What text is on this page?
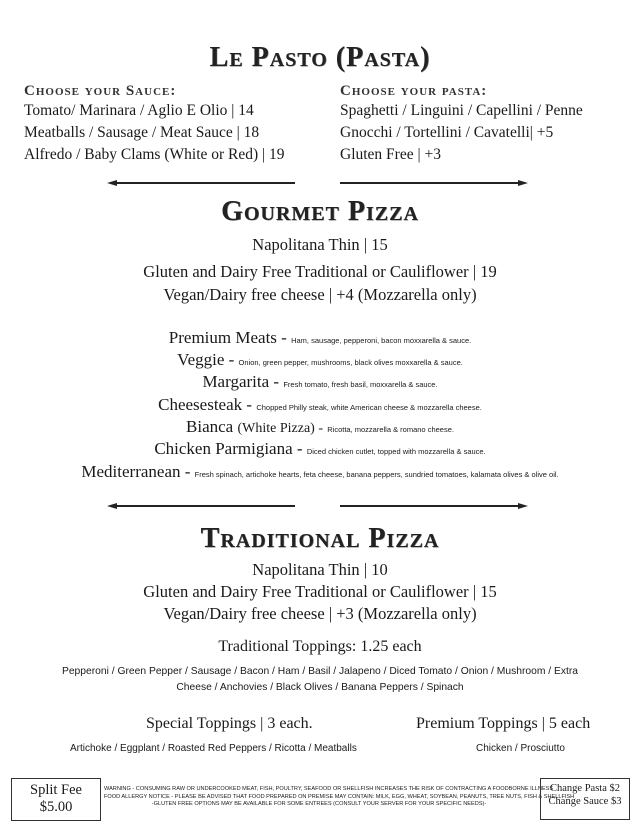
Le Pasto (Pasta)
Choose your Sauce:
Tomato/ Marinara / Aglio E Olio | 14
Meatballs / Sausage / Meat Sauce | 18
Alfredo / Baby Clams (White or Red) | 19
Choose your pasta:
Spaghetti / Linguini / Capellini / Penne
Gnocchi / Tortellini / Cavatelli| +5
Gluten Free | +3
Gourmet Pizza
Napolitana Thin | 15
Gluten and Dairy Free Traditional or Cauliflower | 19
Vegan/Dairy free cheese | +4 (Mozzarella only)
Premium Meats - Ham, sausage, pepperoni, bacon moxxarella & sauce.
Veggie - Onion, green pepper, mushrooms, black olives moxxarella & sauce.
Margarita - Fresh tomato, fresh basil, moxxarella & sauce.
Cheesesteak - Chopped Philly steak, white American cheese & mozzarella cheese.
Bianca (White Pizza) - Ricotta, mozzarella & romano cheese.
Chicken Parmigiana - Diced chicken cutlet, topped with mozzarella & sauce.
Mediterranean - Fresh spinach, artichoke hearts, feta cheese, banana peppers, sundried tomatoes, kalamata olives & olive oil.
Traditional Pizza
Napolitana Thin | 10
Gluten and Dairy Free Traditional or Cauliflower | 15
Vegan/Dairy free cheese | +3 (Mozzarella only)
Traditional Toppings: 1.25 each
Pepperoni / Green Pepper / Sausage / Bacon / Ham / Basil / Jalapeno / Diced Tomato / Onion / Mushroom / Extra
Cheese / Anchovies / Black Olives / Banana Peppers / Spinach
Special Toppings | 3 each.
Artichoke / Eggplant / Roasted Red Peppers / Ricotta / Meatballs
Premium Toppings | 5 each
Chicken / Prosciutto
Split Fee
$5.00
WARNING - CONSUMING RAW OR UNDERCOOKED MEAT, FISH, POULTRY, SEAFOOD OR SHELLFISH INCREASES THE RISK OF CONTRACTING A FOODBORNE ILLNESS
FOOD ALLERGY NOTICE - PLEASE BE ADVISED THAT FOOD PREPARED ON PREMISE MAY CONTAIN: MILK, EGG, WHEAT, SOYBEAN, PEANUTS, TREE NUTS, FISH & SHELLFISH
-GLUTEN FREE OPTIONS MAY BE AVAILABLE FOR SOME ENTREES (CONSULT YOUR SERVER FOR YOUR SPECIFIC NEEDS)-
Change Pasta $2
Change Sauce $3
